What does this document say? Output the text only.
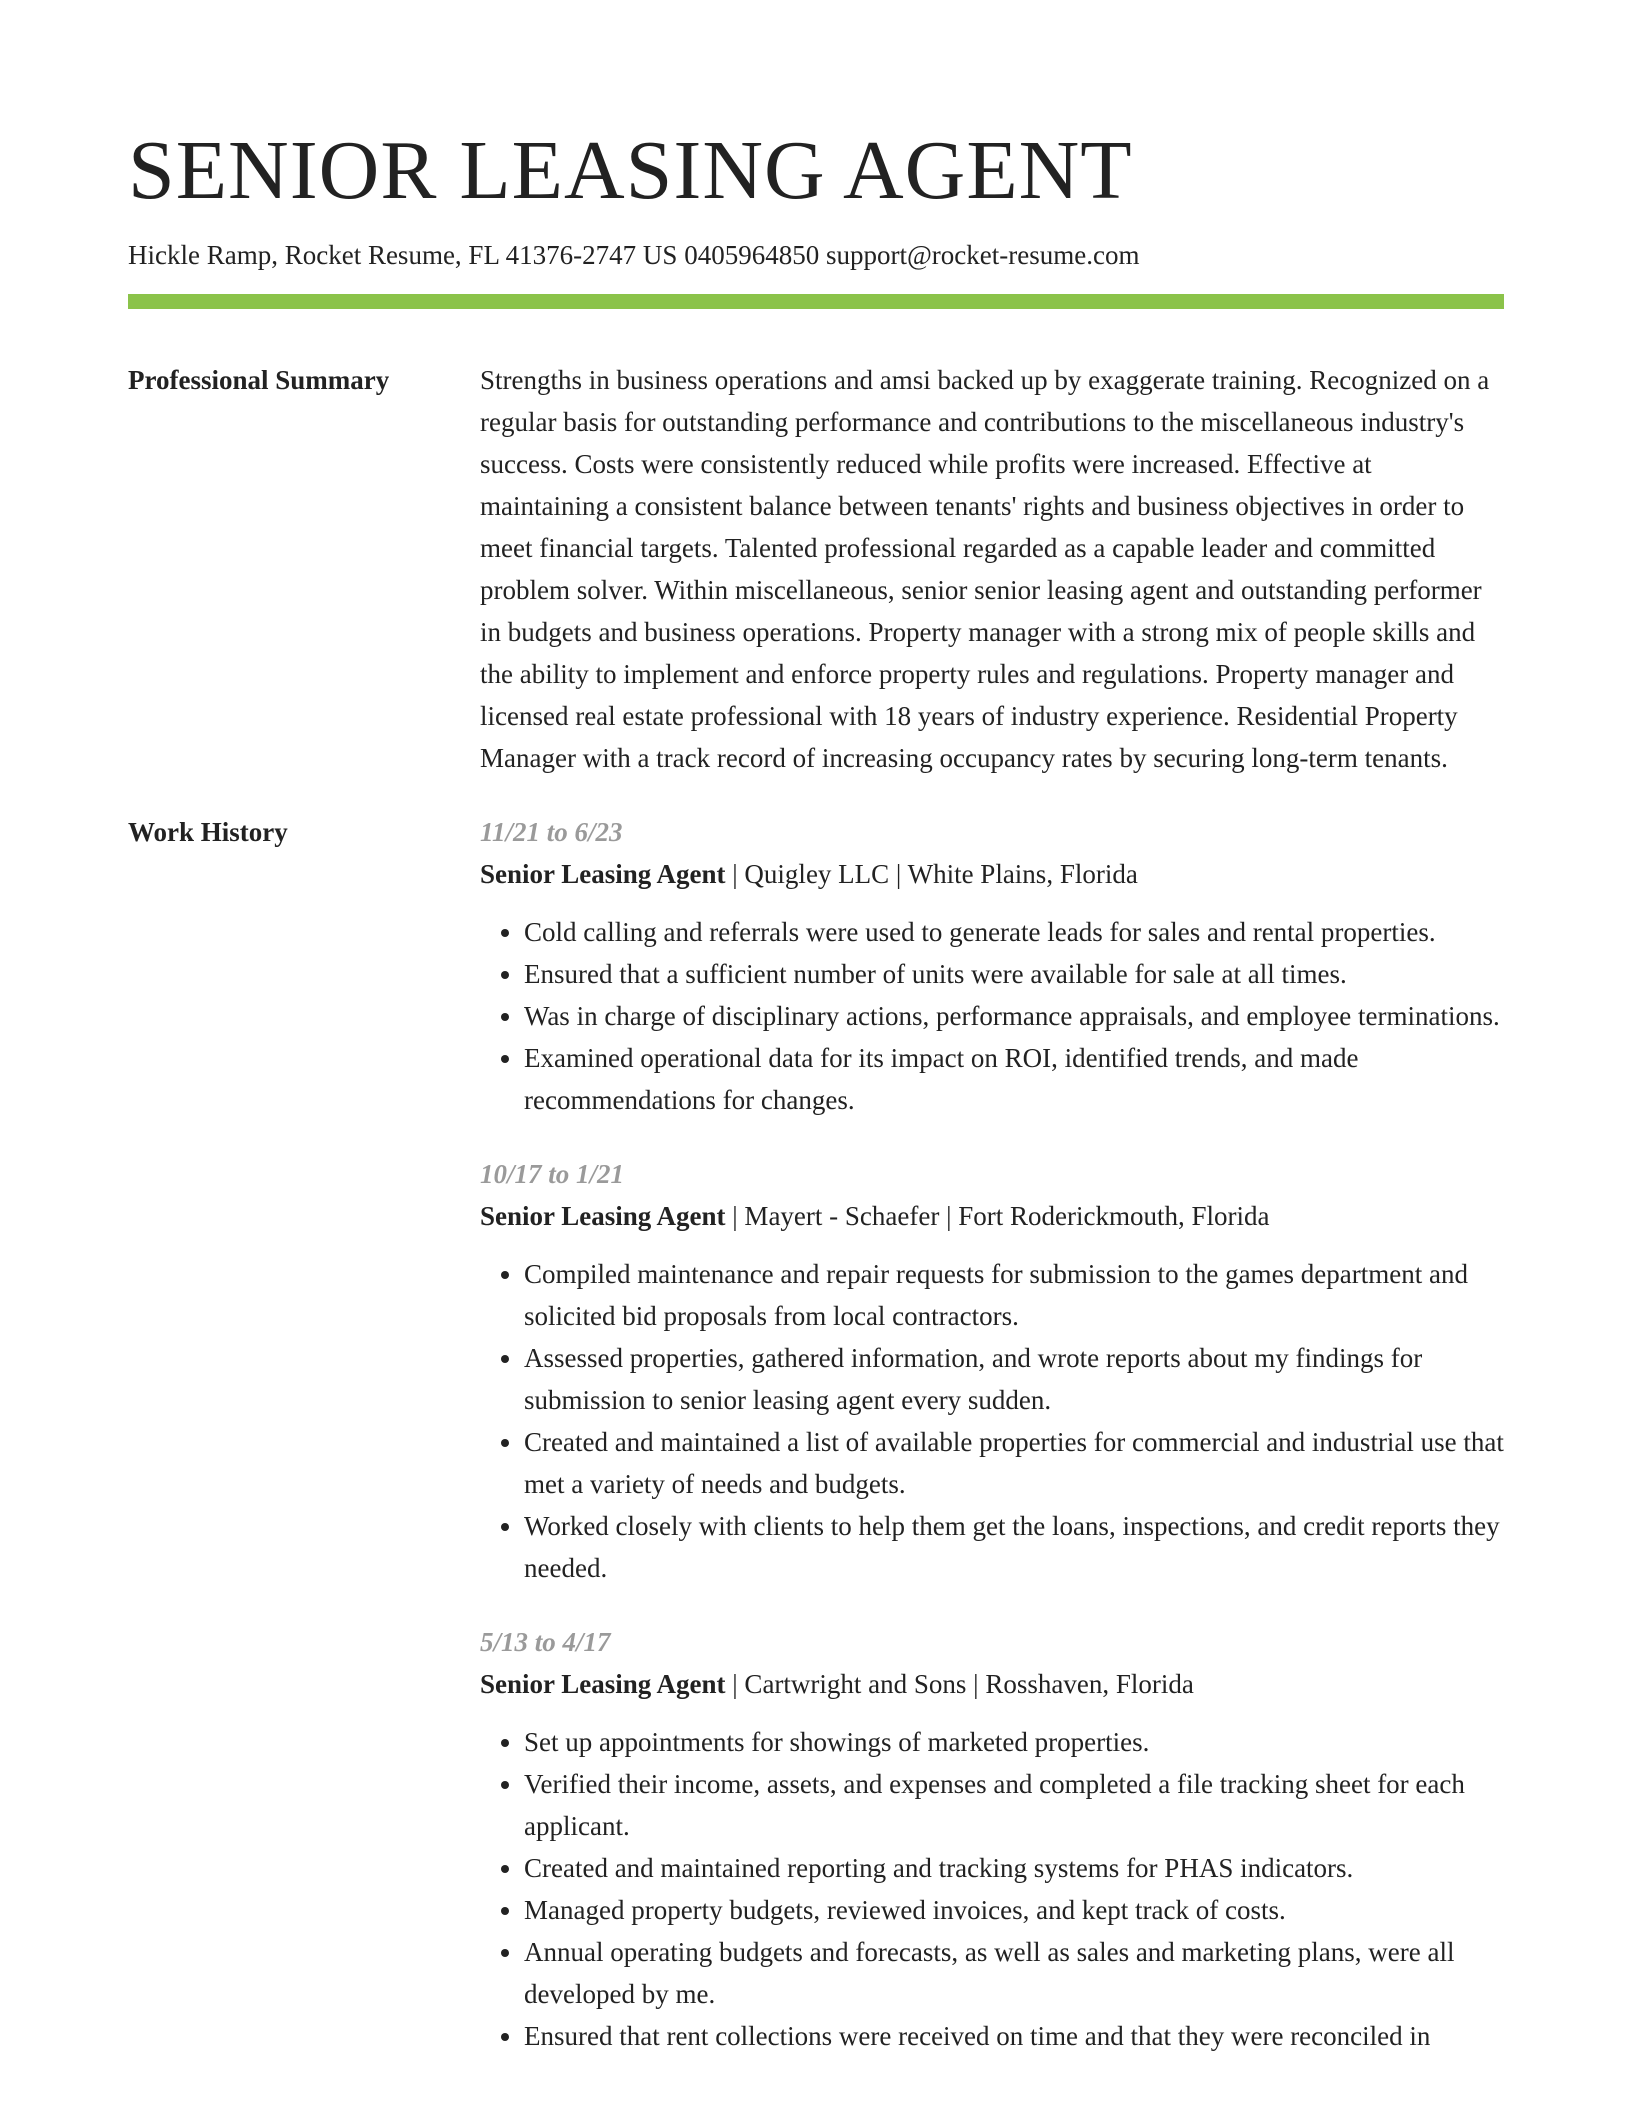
SENIOR LEASING AGENT
Hickle Ramp, Rocket Resume, FL 41376-2747 US 0405964850 support@rocket-resume.com
Professional Summary	Strengths in business operations and amsi backed up by exaggerate training. Recognized on a regular basis for outstanding performance and contributions to the miscellaneous industry's success. Costs were consistently reduced while profits were increased. Effective at maintaining a consistent balance between tenants' rights and business objectives in order to meet financial targets. Talented professional regarded as a capable leader and committed problem solver. Within miscellaneous, senior senior leasing agent and outstanding performer in budgets and business operations. Property manager with a strong mix of people skills and the ability to implement and enforce property rules and regulations. Property manager and licensed real estate professional with 18 years of industry experience. Residential Property Manager with a track record of increasing occupancy rates by securing long-term tenants.

Work History	11/21 to 6/23
Senior Leasing Agent | Quigley LLC | White Plains, Florida
• Cold calling and referrals were used to generate leads for sales and rental properties.
• Ensured that a sufficient number of units were available for sale at all times.
• Was in charge of disciplinary actions, performance appraisals, and employee terminations.
• Examined operational data for its impact on ROI, identified trends, and made recommendations for changes.
10/17 to 1/21
Senior Leasing Agent | Mayert - Schaefer | Fort Roderickmouth, Florida
• Compiled maintenance and repair requests for submission to the games department and solicited bid proposals from local contractors.
• Assessed properties, gathered information, and wrote reports about my findings for submission to senior leasing agent every sudden.
• Created and maintained a list of available properties for commercial and industrial use that met a variety of needs and budgets.
• Worked closely with clients to help them get the loans, inspections, and credit reports they needed.
5/13 to 4/17
Senior Leasing Agent | Cartwright and Sons | Rosshaven, Florida
• Set up appointments for showings of marketed properties.
• Verified their income, assets, and expenses and completed a file tracking sheet for each applicant.
• Created and maintained reporting and tracking systems for PHAS indicators.
• Managed property budgets, reviewed invoices, and kept track of costs.
• Annual operating budgets and forecasts, as well as sales and marketing plans, were all developed by me.
• Ensured that rent collections were received on time and that they were reconciled in
